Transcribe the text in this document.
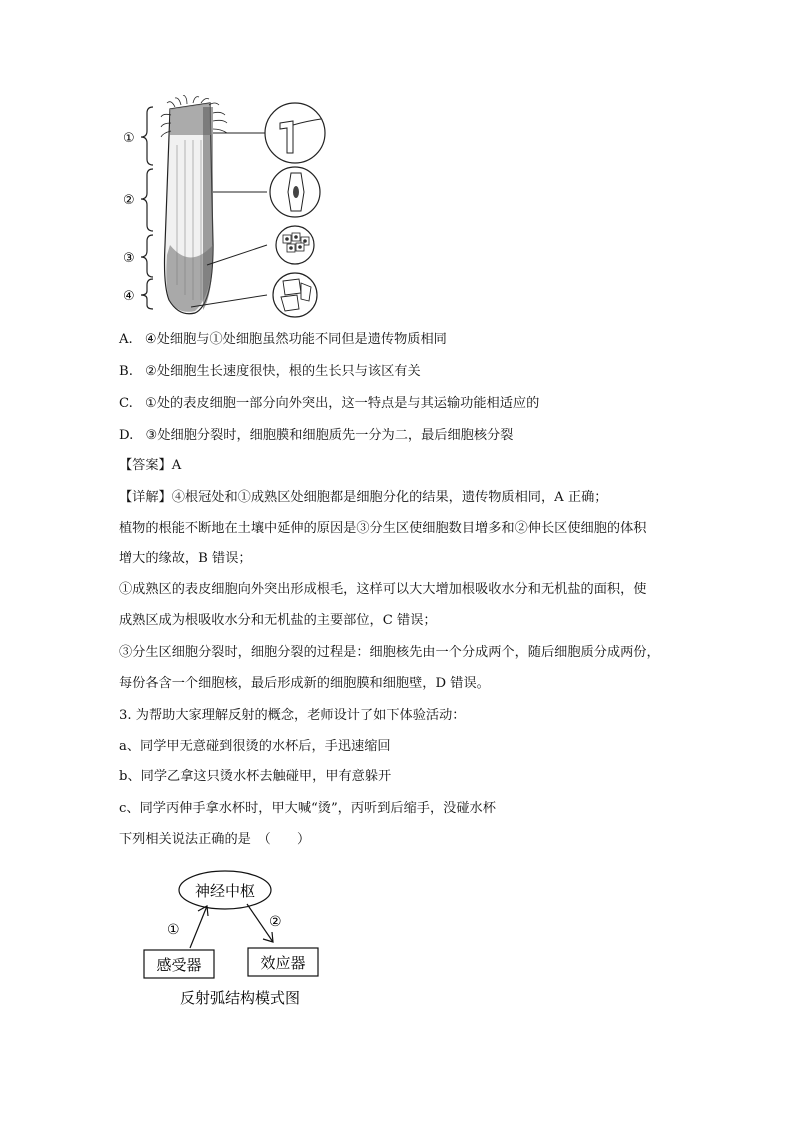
①
②
③
④
A. ④处细胞与①处细胞虽然功能不同但是遗传物质相同
B. ②处细胞生长速度很快，根的生长只与该区有关
C. ①处的表皮细胞一部分向外突出，这一特点是与其运输功能相适应的
D. ③处细胞分裂时，细胞膜和细胞质先一分为二，最后细胞核分裂
【答案】A
【详解】④根冠处和①成熟区处细胞都是细胞分化的结果，遗传物质相同，A 正确；
植物的根能不断地在土壤中延伸的原因是③分生区使细胞数目增多和②伸长区使细胞的体积
增大的缘故，B 错误；
①成熟区的表皮细胞向外突出形成根毛，这样可以大大增加根吸收水分和无机盐的面积，使
成熟区成为根吸收水分和无机盐的主要部位，C 错误；
③分生区细胞分裂时，细胞分裂的过程是：细胞核先由一个分成两个，随后细胞质分成两份，
每份各含一个细胞核，最后形成新的细胞膜和细胞壁，D 错误。
3. 为帮助大家理解反射的概念，老师设计了如下体验活动：
a、同学甲无意碰到很烫的水杯后，手迅速缩回
b、同学乙拿这只烫水杯去触碰甲，甲有意躲开
c、同学丙伸手拿水杯时，甲大喊“烫”，丙听到后缩手，没碰水杯
下列相关说法正确的是　（　　）
神经中枢
感受器	效应器
①	②
反射弧结构模式图
